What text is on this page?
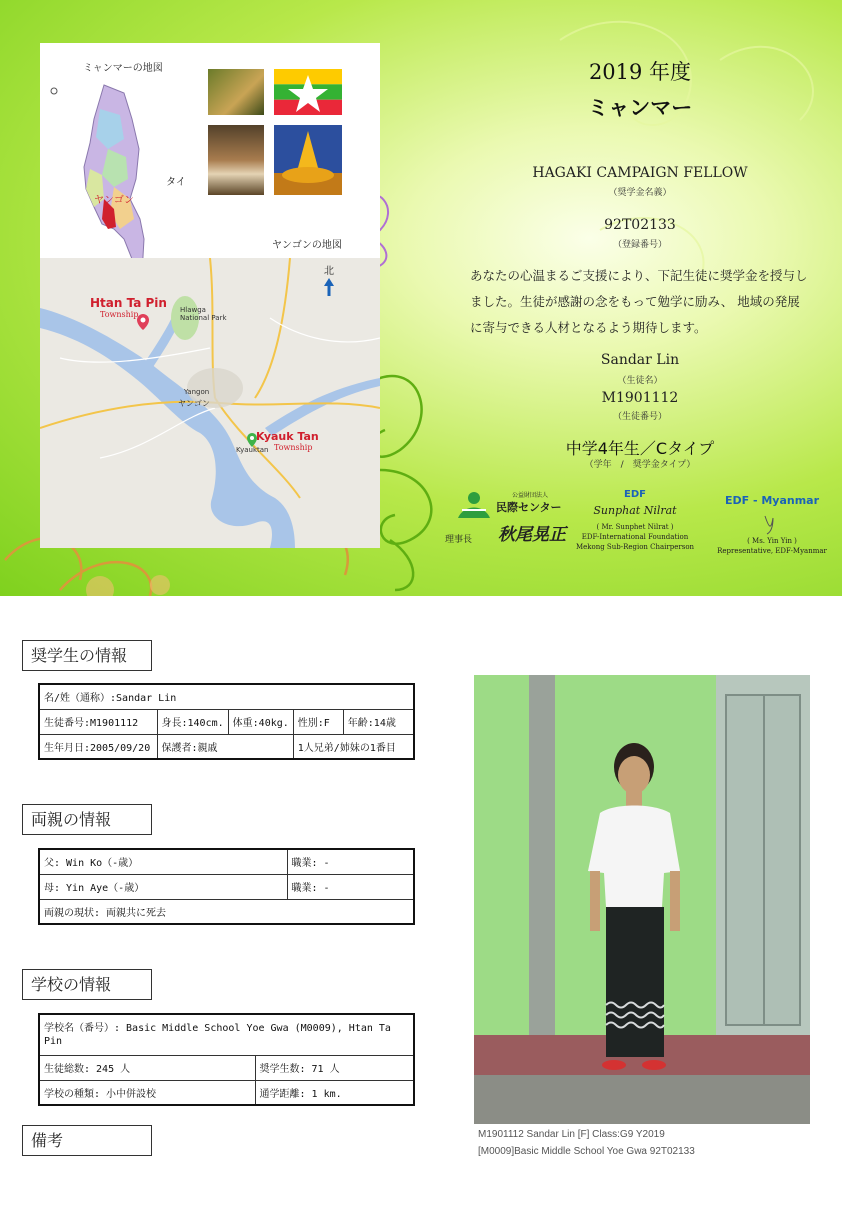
ミャンマーの地図
タイ
ヤンゴン
ヤンゴンの地図
Htan Ta Pin
Township
Kyauk Tan
Township
Yangon
ヤンゴン
Hlawga National Park
Kyauktan
北
2019 年度
ミャンマー
HAGAKI CAMPAIGN FELLOW
（奨学金名義）
92T02133
（登録番号）
Sandar Lin
（生徒名）
M1901112
（生徒番号）
中学4年生／Cタイプ
（学年　/　奨学金タイプ）
あなたの心温まるご支援により、下記生徒に奨学金を授与しました。生徒が感謝の念をもって勉学に励み、 地域の発展に寄与できる人材となるよう期待します。
公益財団法人
民際センター
理事長 秋尾晃正
EDF
Sunphat Nilrat
( Mr. Sunphet Nilrat )
EDF-International Foundation
Mekong Sub-Region Chairperson
EDF - Myanmar
( Ms. Yin Yin )
Representative, EDF-Myanmar
奨学生の情報
名/姓（通称）:Sandar Lin				
生徒番号:M1901112	身長:140cm.	体重:40kg.	性別:F	年齢:14歳
生年月日:2005/09/20	保護者:親戚		1人兄弟/姉妹の1番目	
両親の情報
父: Win Ko（-歳）	職業: -
母: Yin Aye（-歳）	職業: -
両親の現状: 両親共に死去	
学校の情報
学校名（番号）: Basic Middle School Yoe Gwa (M0009), Htan Ta Pin	
生徒総数: 245 人	奨学生数: 71 人
学校の種類: 小中併設校	通学距離: 1 km.
備考	M1901112 Sandar Lin [F] Class:G9 Y2019
[M0009]Basic Middle School Yoe Gwa 92T02133
